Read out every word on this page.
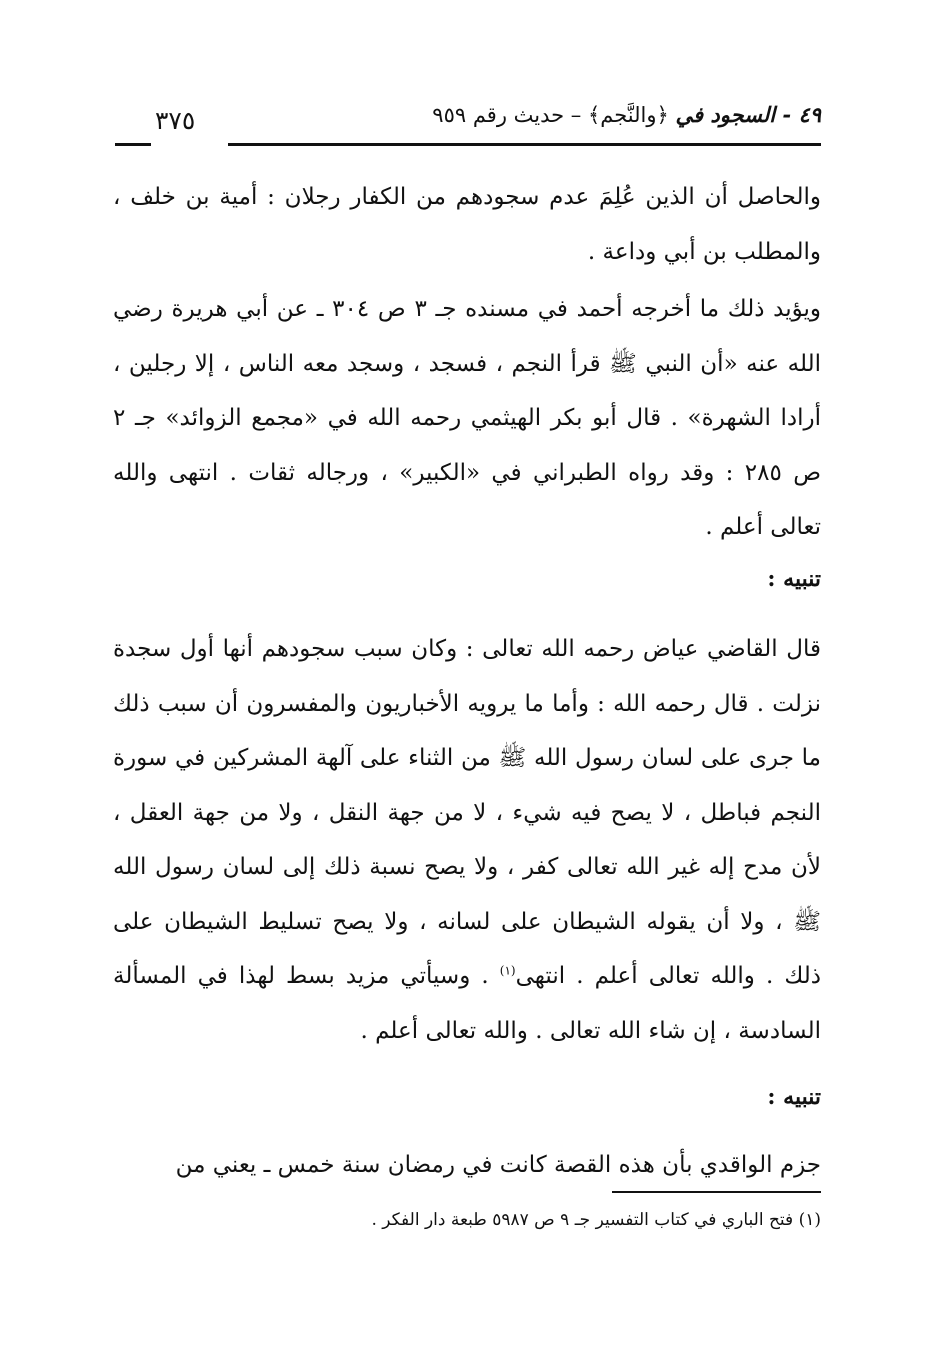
٣٧٥	٤٩ - السجود في ﴿والنَّجم﴾ – حديث رقم ٩٥٩
والحاصل أن الذين عُلِمَ عدم سجودهم من الكفار رجلان : أمية بن خلف ، والمطلب بن أبي وداعة .
ويؤيد ذلك ما أخرجه أحمد في مسنده جـ ٣ ص ٣٠٤ ـ عن أبي هريرة رضي الله عنه «أن النبي ﷺ قرأ النجم ، فسجد ، وسجد معه الناس ، إلا رجلين ، أرادا الشهرة» . قال أبو بكر الهيثمي رحمه الله في «مجمع الزوائد» جـ ٢ ص ٢٨٥ : وقد رواه الطبراني في «الكبير» ، ورجاله ثقات . انتهى والله تعالى أعلم .
تنبيه :
قال القاضي عياض رحمه الله تعالى : وكان سبب سجودهم أنها أول سجدة نزلت . قال رحمه الله : وأما ما يرويه الأخباريون والمفسرون أن سبب ذلك ما جرى على لسان رسول الله ﷺ من الثناء على آلهة المشركين في سورة النجم فباطل ، لا يصح فيه شيء ، لا من جهة النقل ، ولا من جهة العقل ، لأن مدح إله غير الله تعالى كفر ، ولا يصح نسبة ذلك إلى لسان رسول الله ﷺ ، ولا أن يقوله الشيطان على لسانه ، ولا يصح تسليط الشيطان على ذلك . والله تعالى أعلم . انتهى$^{(١)}$ . وسيأتي مزيد بسط لهذا في المسألة السادسة ، إن شاء الله تعالى . والله تعالى أعلم .
تنبيه :
جزم الواقدي بأن هذه القصة كانت في رمضان سنة خمس ـ يعني من
(١) فتح الباري في كتاب التفسير جـ ٩ ص ٥٩٨٧ طبعة دار الفكر .
